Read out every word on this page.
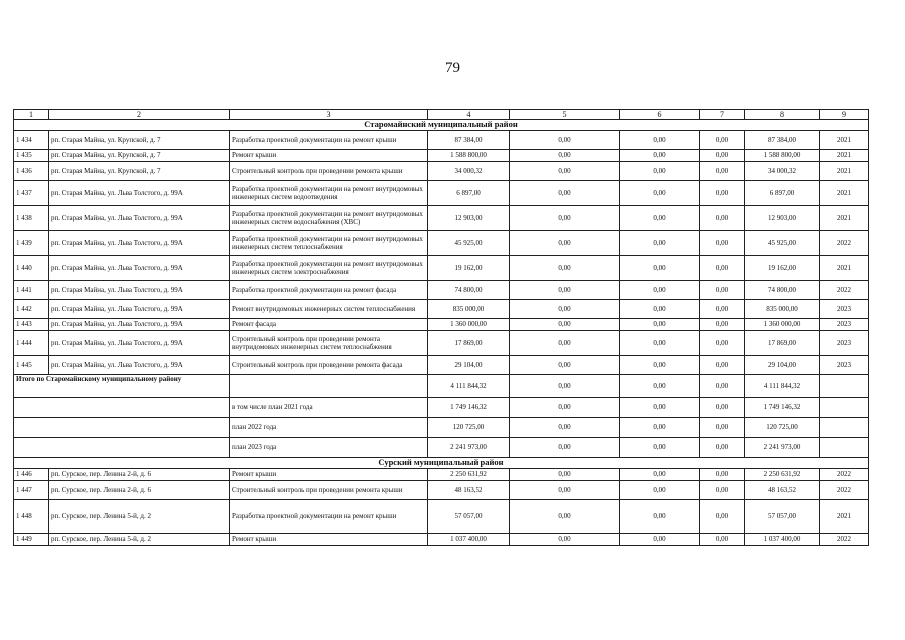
79
1	2	3	4	5	6	7	8	9
Старомайнский муниципальный район								
1 434	рп. Старая Майна, ул. Крупской, д. 7	Разработка проектной документации на ремонт крыши	87 384,00	0,00	0,00	0,00	87 384,00	2021
1 435	рп. Старая Майна, ул. Крупской, д. 7	Ремонт крыши	1 588 800,00	0,00	0,00	0,00	1 588 800,00	2021
1 436	рп. Старая Майна, ул. Крупской, д. 7	Строительный контроль при проведении ремонта крыши	34 000,32	0,00	0,00	0,00	34 000,32	2021
1 437	рп. Старая Майна, ул. Льва Толстого, д. 99А	Разработка проектной документации на ремонт внутридомовых инженерных систем водоотведения	6 897,00	0,00	0,00	0,00	6 897,00	2021
1 438	рп. Старая Майна, ул. Льва Толстого, д. 99А	Разработка проектной документации на ремонт внутридомовых инженерных систем водоснабжения (ХВС)	12 903,00	0,00	0,00	0,00	12 903,00	2021
1 439	рп. Старая Майна, ул. Льва Толстого, д. 99А	Разработка проектной документации на ремонт внутридомовых инженерных систем теплоснабжения	45 925,00	0,00	0,00	0,00	45 925,00	2022
1 440	рп. Старая Майна, ул. Льва Толстого, д. 99А	Разработка проектной документации на ремонт внутридомовых инженерных систем электроснабжения	19 162,00	0,00	0,00	0,00	19 162,00	2021
1 441	рп. Старая Майна, ул. Льва Толстого, д. 99А	Разработка проектной документации на ремонт фасада	74 800,00	0,00	0,00	0,00	74 800,00	2022
1 442	рп. Старая Майна, ул. Льва Толстого, д. 99А	Ремонт внутридомовых инженерных систем теплоснабжения	835 000,00	0,00	0,00	0,00	835 000,00	2023
1 443	рп. Старая Майна, ул. Льва Толстого, д. 99А	Ремонт фасада	1 360 000,00	0,00	0,00	0,00	1 360 000,00	2023
1 444	рп. Старая Майна, ул. Льва Толстого, д. 99А	Строительный контроль при проведении ремонта внутридомовых инженерных систем теплоснабжения	17 869,00	0,00	0,00	0,00	17 869,00	2023
1 445	рп. Старая Майна, ул. Льва Толстого, д. 99А	Строительный контроль при проведении ремонта фасада	29 104,00	0,00	0,00	0,00	29 104,00	2023
Итого по Старомайнскому муниципальному району			4 111 844,32	0,00	0,00	0,00	4 111 844,32	
		в том числе план 2021 года	1 749 146,32	0,00	0,00	0,00	1 749 146,32	
		план 2022 года	120 725,00	0,00	0,00	0,00	120 725,00	
		план 2023 года	2 241 973,00	0,00	0,00	0,00	2 241 973,00	
Сурский муниципальный район								
1 446	рп. Сурское, пер. Ленина 2-й, д. 6	Ремонт крыши	2 250 631,92	0,00	0,00	0,00	2 250 631,92	2022
1 447	рп. Сурское, пер. Ленина 2-й, д. 6	Строительный контроль при проведении ремонта крыши	48 163,52	0,00	0,00	0,00	48 163,52	2022
1 448	рп. Сурское, пер. Ленина 5-й, д. 2	Разработка проектной документации на ремонт крыши	57 057,00	0,00	0,00	0,00	57 057,00	2021
1 449	рп. Сурское, пер. Ленина 5-й, д. 2	Ремонт крыши	1 037 400,00	0,00	0,00	0,00	1 037 400,00	2022
